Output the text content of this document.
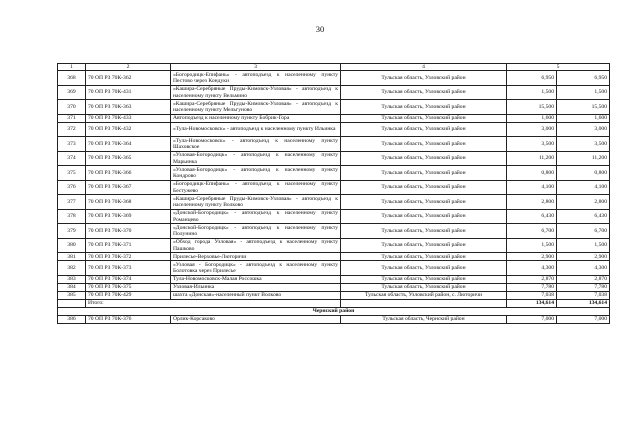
30
1	2	3	4	5	
368	70 ОП РЗ 70К-362	«Богородицк-Епифань» - автоподъезд к населенному пункту Пестово через Кондуки	Тульская область, Узловский район	6,950	6,950
369	70 ОП РЗ 70К-431	«Кашира-Серебряные Пруды-Кимовск-Узловая» - автоподъезд к населенному пункту Вельмино	Тульская область, Узловский район	1,500	1,500
370	70 ОП РЗ 70К-363	«Кашира-Серебряные Пруды-Кимовск-Узловая» - автоподъезд к населенному пункту Мельгуново	Тульская область, Узловский район	15,500	15,500
371	70 ОП РЗ 70К-433	Автоподъезд к населенному пункту Бобрик-Гора	Тульская область, Узловский район	1,600	1,600
372	70 ОП РЗ 70К-432	«Тула-Новомосковск» - автоподъезд к населенному пункту Ильинка	Тульская область, Узловский район	3,000	3,000
373	70 ОП РЗ 70К-364	«Тула-Новомосковск» - автоподъезд к населенному пункту Шаховское	Тульская область, Узловский район	3,500	3,500
374	70 ОП РЗ 70К-365	«Узловая-Богородицк» - автоподъезд к населенному пункту Марьинка	Тульская область, Узловский район	11,200	11,200
375	70 ОП РЗ 70К-366	«Узловая-Богородицк» - автоподъезд к населенному пункту Кондрово	Тульская область, Узловский район	0,800	0,800
376	70 ОП РЗ 70К-367	«Богородицк-Епифань» - автоподъезд к населенному пункту Бестужево	Тульская область, Узловский район	4,100	4,100
377	70 ОП РЗ 70К-368	«Кашира-Серебряные Пруды-Кимовск-Узловая» - автоподъезд к населенному пункту Волково	Тульская область, Узловский район	2,800	2,800
378	70 ОП РЗ 70К-369	«Донской-Богородицк» - автоподъезд к населенному пункту Романцево	Тульская область, Узловский район	6,430	6,430
379	70 ОП РЗ 70К-370	«Донской-Богородицк» - автоподъезд к населенному пункту Полунино	Тульская область, Узловский район	6,700	6,700
380	70 ОП РЗ 70К-371	«Обход города Узловая» - автоподъезд к населенному пункту Пашково	Тульская область, Узловский район	1,500	1,500
381	70 ОП РЗ 70К-372	Прилесье-Верховье-Люторичи	Тульская область, Узловский район	2,900	2,900
382	70 ОП РЗ 70К-373	«Узловая - Богородицк» - автоподъезд к населенному пункту Болотовка через Прилесье	Тульская область, Узловский район	4,300	4,300
383	70 ОП РЗ 70К-374	Тула-Новомосковск-Малая Россошка	Тульская область, Узловский район	2,870	2,870
384	70 ОП РЗ 70К-375	Узловая-Ильинка	Тульская область, Узловский район	7,780	7,780
385	70 ОП РЗ 70К-429	шахта «Донская»-населенный пункт Волково	Тульская область, Узловский район, с. Люторичи	7,038	7,038
	Итого:			134,614	134,614
Чернский район					
386	70 ОП РЗ 70К-376	Орлик-Корсаково	Тульская область, Чернский район	7,000	7,000
